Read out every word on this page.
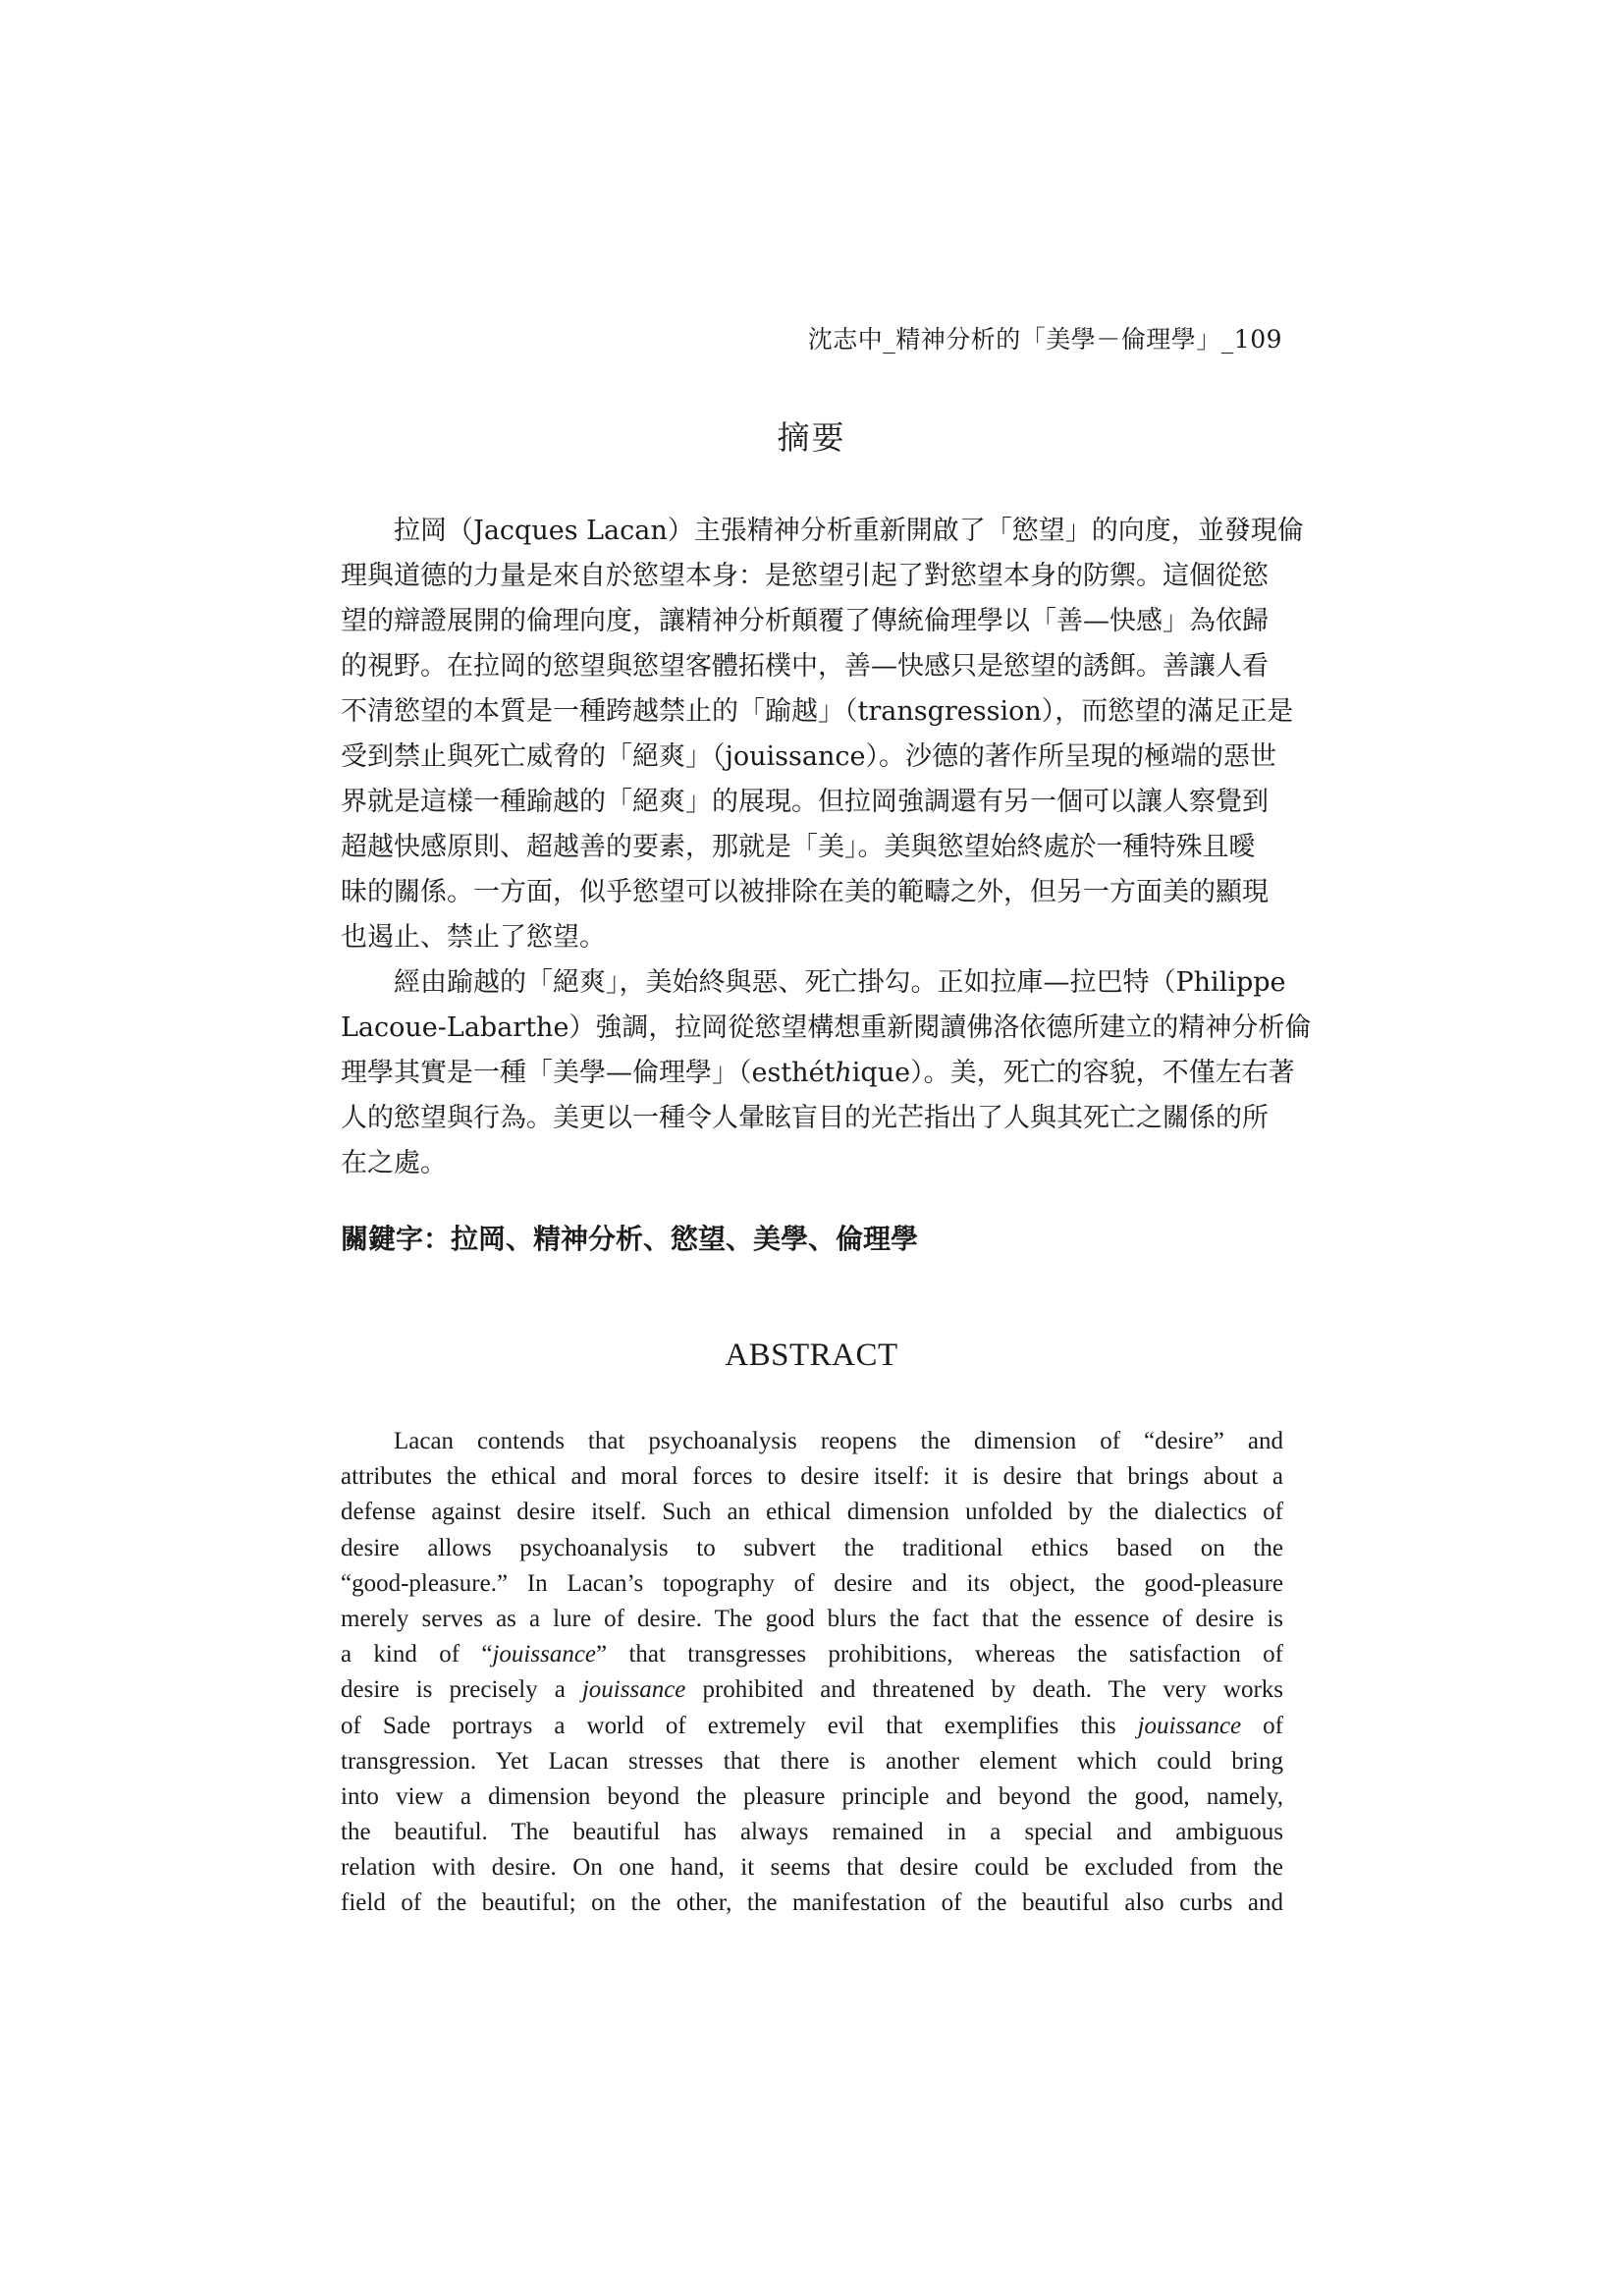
沈志中_精神分析的「美學－倫理學」_109
摘要
拉岡（Jacques Lacan）主張精神分析重新開啟了「慾望」的向度，並發現倫
理與道德的力量是來自於慾望本身：是慾望引起了對慾望本身的防禦。這個從慾
望的辯證展開的倫理向度，讓精神分析顛覆了傳統倫理學以「善—快感」為依歸
的視野。在拉岡的慾望與慾望客體拓樸中，善—快感只是慾望的誘餌。善讓人看
不清慾望的本質是一種跨越禁止的「踰越」（transgression），而慾望的滿足正是
受到禁止與死亡威脅的「絕爽」（jouissance）。沙德的著作所呈現的極端的惡世
界就是這樣一種踰越的「絕爽」的展現。但拉岡強調還有另一個可以讓人察覺到
超越快感原則、超越善的要素，那就是「美」。美與慾望始終處於一種特殊且曖
昧的關係。一方面，似乎慾望可以被排除在美的範疇之外，但另一方面美的顯現
也遏止、禁止了慾望。
經由踰越的「絕爽」，美始終與惡、死亡掛勾。正如拉庫—拉巴特（Philippe
Lacoue-Labarthe）強調，拉岡從慾望構想重新閱讀佛洛依德所建立的精神分析倫
理學其實是一種「美學—倫理學」（esthéthique）。美，死亡的容貌，不僅左右著
人的慾望與行為。美更以一種令人暈眩盲目的光芒指出了人與其死亡之關係的所
在之處。
關鍵字：拉岡、精神分析、慾望、美學、倫理學
ABSTRACT
Lacan contends that psychoanalysis reopens the dimension of “desire” and
attributes the ethical and moral forces to desire itself: it is desire that brings about a
defense against desire itself. Such an ethical dimension unfolded by the dialectics of
desire allows psychoanalysis to subvert the traditional ethics based on the
“good-pleasure.” In Lacan’s topography of desire and its object, the good-pleasure
merely serves as a lure of desire. The good blurs the fact that the essence of desire is
a kind of “jouissance” that transgresses prohibitions, whereas the satisfaction of
desire is precisely a jouissance prohibited and threatened by death. The very works
of Sade portrays a world of extremely evil that exemplifies this jouissance of
transgression. Yet Lacan stresses that there is another element which could bring
into view a dimension beyond the pleasure principle and beyond the good, namely,
the beautiful. The beautiful has always remained in a special and ambiguous
relation with desire. On one hand, it seems that desire could be excluded from the
field of the beautiful; on the other, the manifestation of the beautiful also curbs and
